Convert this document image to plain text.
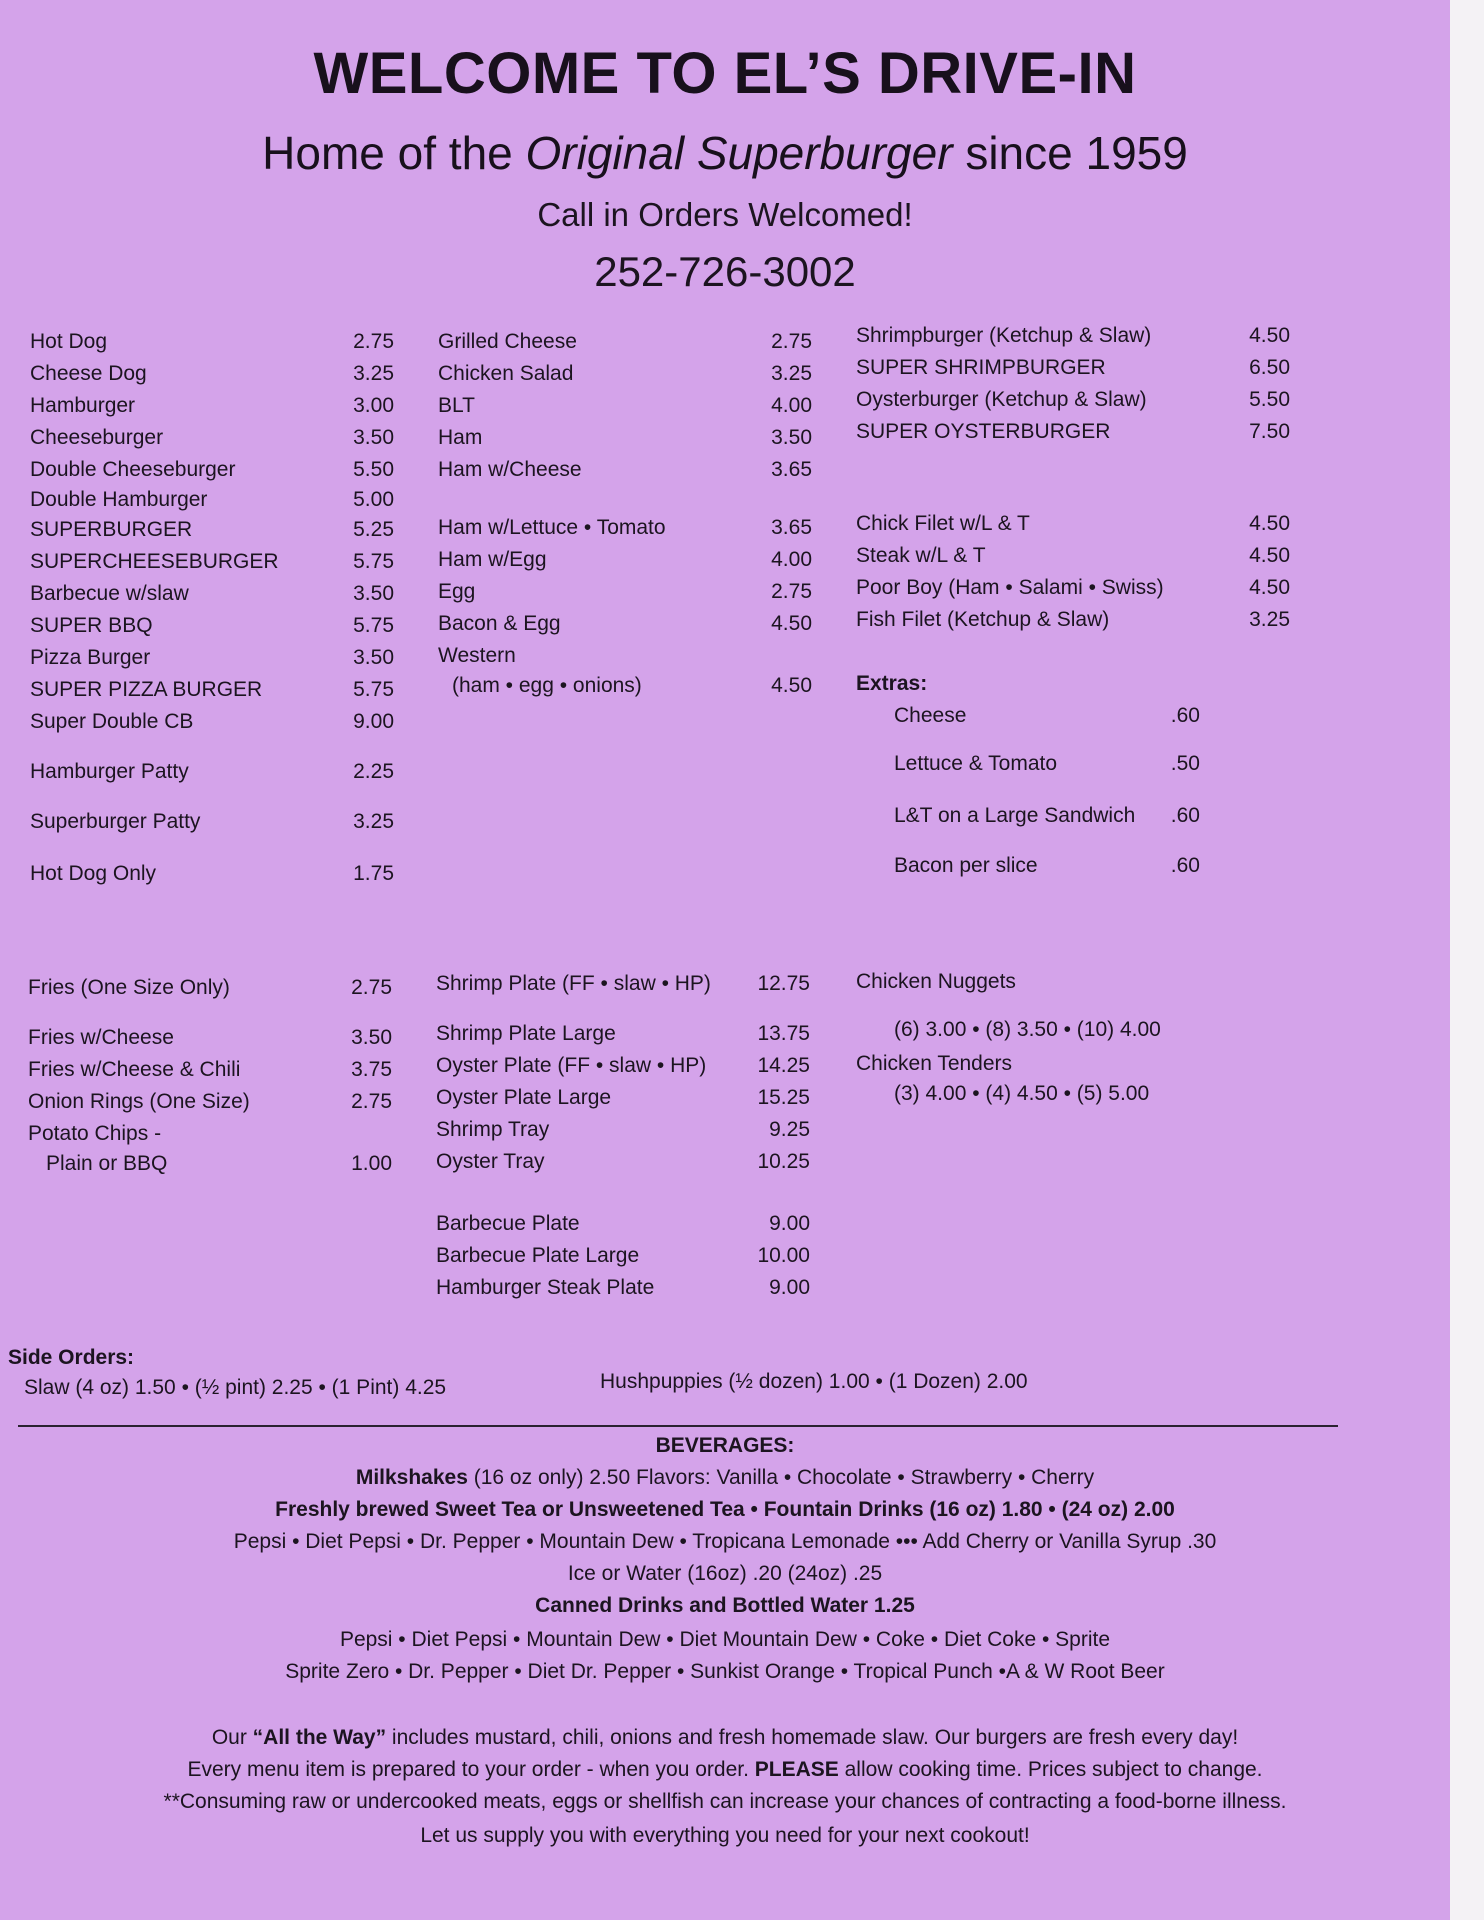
WELCOME TO EL’S DRIVE-IN
Home of the Original Superburger since 1959
Call in Orders Welcomed!
252-726-3002
Hot Dog	2.75
Cheese Dog	3.25
Hamburger	3.00
Cheeseburger	3.50
Double Cheeseburger	5.50
Double Hamburger	5.00
SUPERBURGER	5.25
SUPERCHEESEBURGER	5.75
Barbecue w/slaw	3.50
SUPER BBQ	5.75
Pizza Burger	3.50
SUPER PIZZA BURGER	5.75
Super Double CB	9.00
Hamburger Patty	2.25
Superburger Patty	3.25
Hot Dog Only	1.75
Grilled Cheese	2.75
Chicken Salad	3.25
BLT	4.00
Ham	3.50
Ham w/Cheese	3.65
Ham w/Lettuce • Tomato	3.65
Ham w/Egg	4.00
Egg	2.75
Bacon & Egg	4.50
Western
(ham • egg • onions)	4.50
Shrimpburger (Ketchup & Slaw)	4.50
SUPER SHRIMPBURGER	6.50
Oysterburger (Ketchup & Slaw)	5.50
SUPER OYSTERBURGER	7.50
Chick Filet w/L & T	4.50
Steak w/L & T	4.50
Poor Boy (Ham • Salami • Swiss)	4.50
Fish Filet (Ketchup & Slaw)	3.25
Extras:
Cheese	.60
Lettuce & Tomato	.50
L&T on a Large Sandwich	.60
Bacon per slice	.60
Fries (One Size Only)	2.75
Fries w/Cheese	3.50
Fries w/Cheese & Chili	3.75
Onion Rings (One Size)	2.75
Potato Chips -
Plain or BBQ	1.00
Shrimp Plate (FF • slaw • HP)	12.75
Shrimp Plate Large	13.75
Oyster Plate (FF • slaw • HP)	14.25
Oyster Plate Large	15.25
Shrimp Tray	9.25
Oyster Tray	10.25
Barbecue Plate	9.00
Barbecue Plate Large	10.00
Hamburger Steak Plate	9.00
Chicken Nuggets
(6) 3.00 • (8) 3.50 • (10) 4.00
Chicken Tenders
(3) 4.00 • (4) 4.50 • (5) 5.00
Side Orders:
Slaw (4 oz) 1.50 • (½ pint) 2.25 • (1 Pint) 4.25	Hushpuppies (½ dozen) 1.00 • (1 Dozen) 2.00
BEVERAGES:
Milkshakes (16 oz only) 2.50 Flavors: Vanilla • Chocolate • Strawberry • Cherry
Freshly brewed Sweet Tea or Unsweetened Tea • Fountain Drinks (16 oz) 1.80 • (24 oz) 2.00
Pepsi • Diet Pepsi • Dr. Pepper • Mountain Dew • Tropicana Lemonade ••• Add Cherry or Vanilla Syrup .30
Ice or Water (16oz) .20 (24oz) .25
Canned Drinks and Bottled Water 1.25
Pepsi • Diet Pepsi • Mountain Dew • Diet Mountain Dew • Coke • Diet Coke • Sprite
Sprite Zero • Dr. Pepper • Diet Dr. Pepper • Sunkist Orange • Tropical Punch •A & W Root Beer
Our “All the Way” includes mustard, chili, onions and fresh homemade slaw. Our burgers are fresh every day!
Every menu item is prepared to your order - when you order. PLEASE allow cooking time. Prices subject to change.
**Consuming raw or undercooked meats, eggs or shellfish can increase your chances of contracting a food-borne illness.
Let us supply you with everything you need for your next cookout!
